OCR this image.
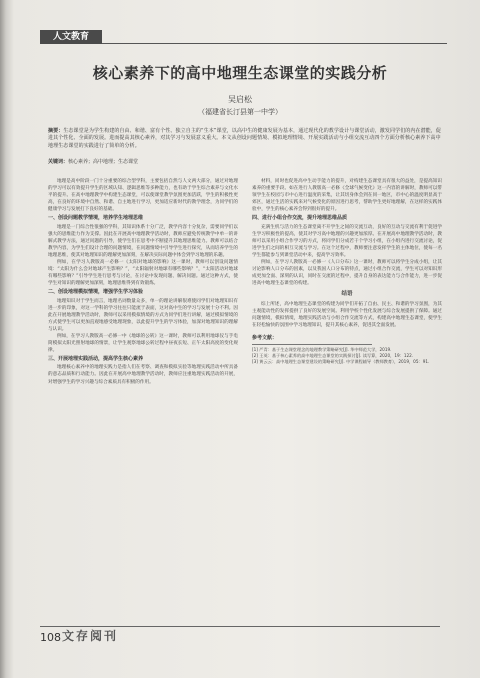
人文教育
核心素养下的高中地理生态课堂的实践分析
吴启松
（福建省长汀县第一中学）
摘要：生态课堂是为学生构建的自由、和谐、富有个性、独立自主的“生本”课堂，以高中生的健康发展为基本，通过现代化的教学设计与课堂活动，激发同学们的内在潜能，促进其个性化、全面的发展。进而提高其核心素养，对其学习与发展意义重大。本文从创设问题情境、模拟地理情境、开展实践活动与小组交流互动四个方面分析核心素养下高中地理生态课堂的实践进行了简单的分析。
关键词：核心素养；高中地理；生态课堂

地理是高中阶段一门十分重要的综合型学科，主要包括自然与人文两大部分，通过对地理的学习可以有效提升学生的区域认知、逻辑思维等多种能力，也有助于学生综合素养与文化水平的提升。在高中地理教学中构建生态课堂，可以使课堂教学氛围更加活跃，学生的积极性更高，在良好的环境中自然、和谐、自主地进行学习，更加适应新时代的教学理念，为同学们的健康学习与发展打下良好的基础。

一、创设问题教学情境，培养学生地理思维

地理是一门综合性很强的学科，其知识体系十分广泛，教学内容十分复杂，需要同学们以强大的思维能力作为支撑。因此在开展高中地理教学活动时，教师应避免传统教学中单一的讲解式教学方法，通过问题的引导，使学生们在思考中不断提升其地理思维能力。教师可以结合教学内容，为学生们设计合理的问题情境，在问题情境中引导学生进行探究，从而培养学生的地理思维，使其对地理知识的理解更加深刻，在解决实际问题中体会到学习地理的乐趣。

例如，在学习人教版高一必修一《太阳对地球的影响》这一课时，教师可以创设问题情境：“太阳为什么会对地球产生影响？”，“太阳辐射对地球有哪些影响？”，“太阳活动对地球有哪些影响？”引导学生进行思考与讨论，在讨论中发现问题、解决问题。通过这种方式，使学生对知识的理解更加深刻，地理思维得到有效锻炼。

二、创设地理模拟情境，增强学生学习体验

地理知识对于学生而言，地理名词数量众多，单一的理论讲解很难使同学们对地理知识有进一步的印象，对这一学科的学习往往只能流于表面，这对高中生的学习与发展十分不利。因此在开展地理教学活动时，教师可以采用模拟情境的方式为同学们进行讲解，通过模拟情境的方式使学生可以更加直观地感受地理现象，以此提升学生的学习体验，加深对地理知识的理解与认识。

例如，在学习人教版高一必修一中《地球的公转》这一课时，教师可以利用地球仪与手电筒模拟太阳光照射地球的情景，让学生观察地球公转过程中昼夜长短、正午太阳高度的变化规律。

三、开展地理实践活动，提高学生核心素养

地理核心素养中的地理实践力是指人们在考察、调查和模拟实验等地理实践活动中所具备的意志品质和行动能力。因此在开展高中地理教学活动时，教师应注重地理实践活动的开展，对增强学生的学习兴趣与综合素质具有积极的作用。

材料，同时也促进高中生动手能力的提升，对构建生态课堂具有很大的益处，是提高知识素养的重要手段。如在进行人教版高一必修《全球气候变化》这一内容的讲解时，教师可以带领学生在校园与市中心进行温度的采集，让其切身体会到在同一地区，市中心的温度明显高于郊区，通过生活的实践来对气候变化的原因进行思考，帮助学生更好地理解，在这样的实践体验中，学生的核心素养会得到很好的提升。

四、进行小组合作交流，提升地理思维品质

充满生机与活力的生态课堂离不开学生之间的交流互动，良好的互动与交流有利于促进学生学习积极性的提高，使其对学习高中地理的兴趣更加浓厚。在开展高中地理教学活动时，教师可以采用小组合作学习的方式，将同学们分成若干个学习小组，在小组内进行交流讨论，促进学生们之间的相互交流与学习。在这个过程中，教师要注意发挥学生的主体地位，使每一名学生都能参与到课堂活动中来，提高学习效率。

例如，在学习人教版高一必修一《人口分布》这一课时，教师可以将学生分成小组，让其讨论影响人口分布的因素，以及我国人口分布的特点，通过小组合作交流，学生可以对知识形成更加全面、深刻的认识，同时在交流的过程中，提升自身的表达能力与合作能力，进一步促进高中地理生态课堂的构建。

结语

综上所述，高中地理生态课堂的构建为同学们开拓了自由、民主、和谐的学习氛围，为其主观能动性的发挥提供了良好的发展空间。利用学校个性化发展与综合发展提供了保障。通过问题情境，模拟情境，地理实践活动与小组合作交流等方式，构建高中地理生态课堂，使学生在轻松愉快的氛围中学习地理知识，提升其核心素养，促进其全面发展。

参考文献：
[1] 严青：基于生态课堂理念的地理教学策略研究[J]. 华中师范大学，2019.
[2] 王英：基于核心素养的高中地理生态课堂的实践探讨[J]. 读写算，2020，19：122.
[3] 黄云云：高中地理生态课堂建设的策略研究[J]. 中学课程辅导（教师教育），2019，05：91.
108 文存阅刊
